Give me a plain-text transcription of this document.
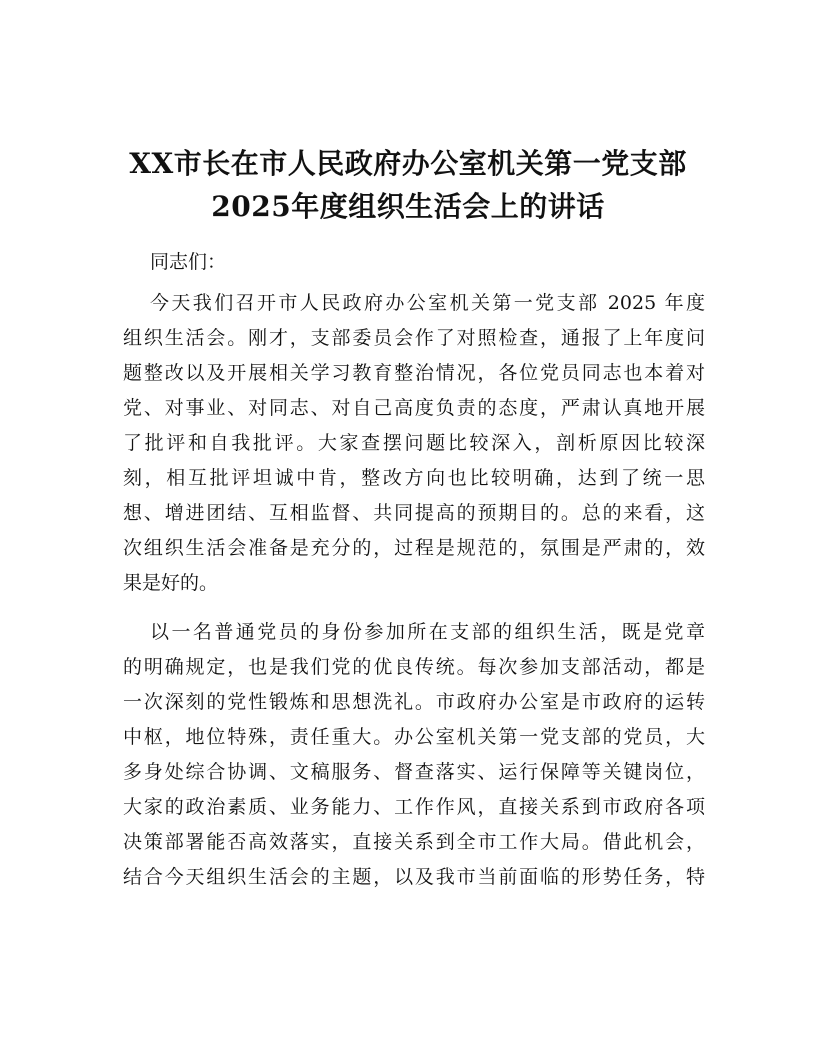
XX市长在市人民政府办公室机关第一党支部
2025年度组织生活会上的讲话
同志们：
今天我们召开市人民政府办公室机关第一党支部 2025 年度
组织生活会。刚才，支部委员会作了对照检查，通报了上年度问
题整改以及开展相关学习教育整治情况，各位党员同志也本着对
党、对事业、对同志、对自己高度负责的态度，严肃认真地开展
了批评和自我批评。大家查摆问题比较深入，剖析原因比较深
刻，相互批评坦诚中肯，整改方向也比较明确，达到了统一思
想、增进团结、互相监督、共同提高的预期目的。总的来看，这
次组织生活会准备是充分的，过程是规范的，氛围是严肃的，效
果是好的。
以一名普通党员的身份参加所在支部的组织生活，既是党章
的明确规定，也是我们党的优良传统。每次参加支部活动，都是
一次深刻的党性锻炼和思想洗礼。市政府办公室是市政府的运转
中枢，地位特殊，责任重大。办公室机关第一党支部的党员，大
多身处综合协调、文稿服务、督查落实、运行保障等关键岗位，
大家的政治素质、业务能力、工作作风，直接关系到市政府各项
决策部署能否高效落实，直接关系到全市工作大局。借此机会，
结合今天组织生活会的主题，以及我市当前面临的形势任务，特
